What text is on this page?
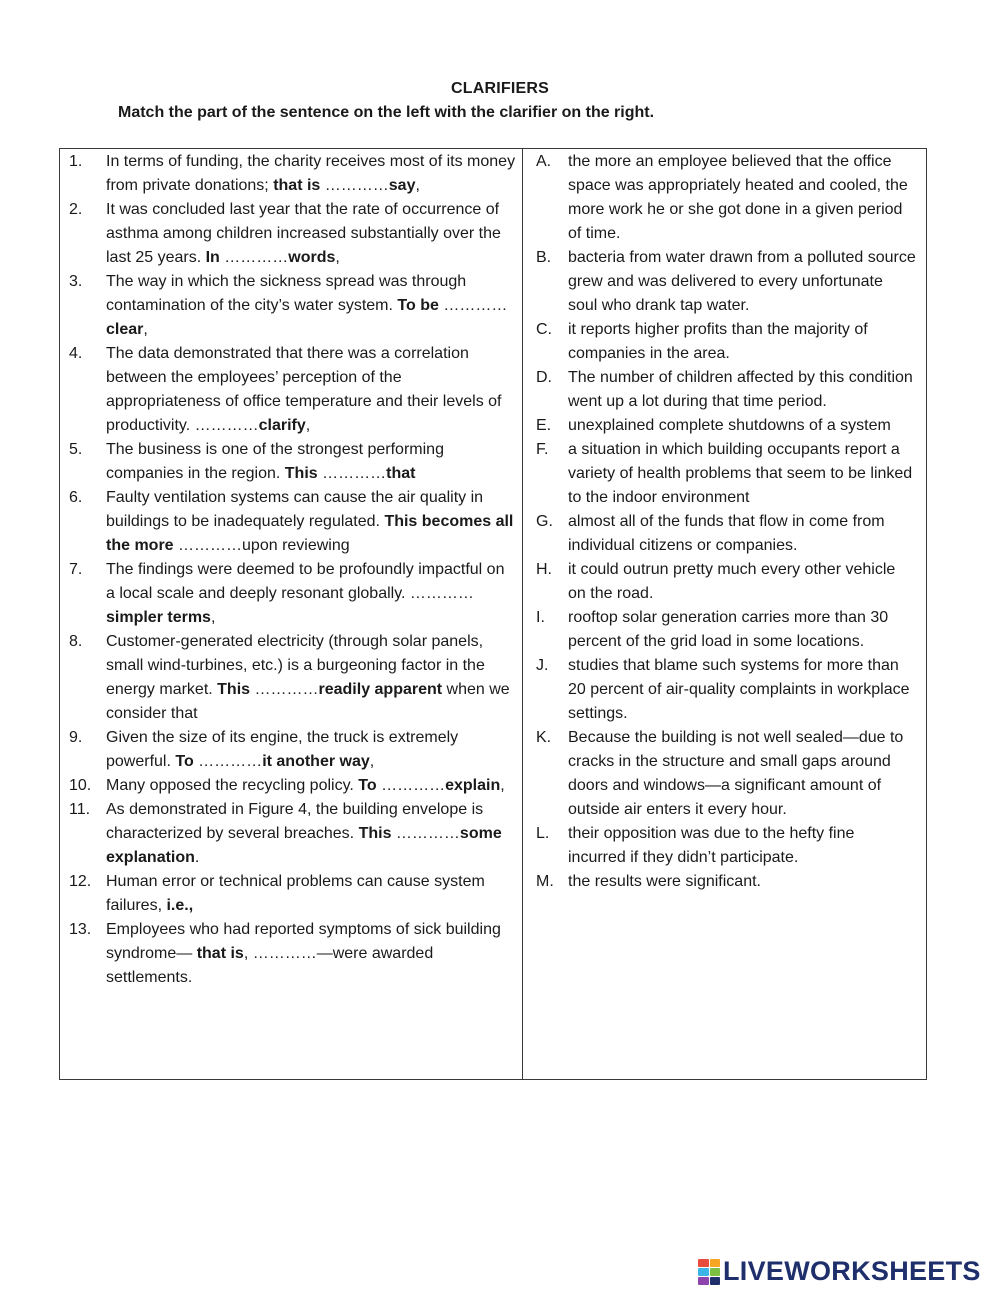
CLARIFIERS

Match the part of the sentence on the left with the clarifier on the right.

1.	In terms of funding, the charity receives most of its money from private donations; that is …………say,
2.	It was concluded last year that the rate of occurrence of asthma among children increased substantially over the last 25 years. In …………words,
3.	The way in which the sickness spread was through contamination of the city’s water system. To be …………clear,
4.	The data demonstrated that there was a correlation between the employees’ perception of the appropriateness of office temperature and their levels of productivity. …………clarify,
5.	The business is one of the strongest performing companies in the region. This …………that
6.	Faulty ventilation systems can cause the air quality in buildings to be inadequately regulated. This becomes all the more …………upon reviewing
7.	The findings were deemed to be profoundly impactful on a local scale and deeply resonant globally. …………simpler terms,
8.	Customer-generated electricity (through solar panels, small wind-turbines, etc.) is a burgeoning factor in the energy market. This …………readily apparent when we consider that
9.	Given the size of its engine, the truck is extremely powerful. To …………it another way,
10. Many opposed the recycling policy. To …………explain,
11. As demonstrated in Figure 4, the building envelope is characterized by several breaches. This …………some explanation.
12. Human error or technical problems can cause system failures, i.e.,
13. Employees who had reported symptoms of sick building syndrome— that is, …………—were awarded settlements.
A.	the more an employee believed that the office space was appropriately heated and cooled, the more work he or she got done in a given period of time.
B.	bacteria from water drawn from a polluted source grew and was delivered to every unfortunate soul who drank tap water.
C.	it reports higher profits than the majority of companies in the area.
D.	The number of children affected by this condition went up a lot during that time period.
E.	unexplained complete shutdowns of a system
F.	a situation in which building occupants report a variety of health problems that seem to be linked to the indoor environment
G. almost all of the funds that flow in come from individual citizens or companies.
H.	it could outrun pretty much every other vehicle on the road.
I.	rooftop solar generation carries more than 30 percent of the grid load in some locations.
J.	studies that blame such systems for more than 20 percent of air-quality complaints in workplace settings.
K.	Because the building is not well sealed—due to cracks in the structure and small gaps around doors and windows—a significant amount of outside air enters it every hour.
L.	their opposition was due to the hefty fine incurred if they didn’t participate.
M. the results were significant.
LIVEWORKSHEETS
